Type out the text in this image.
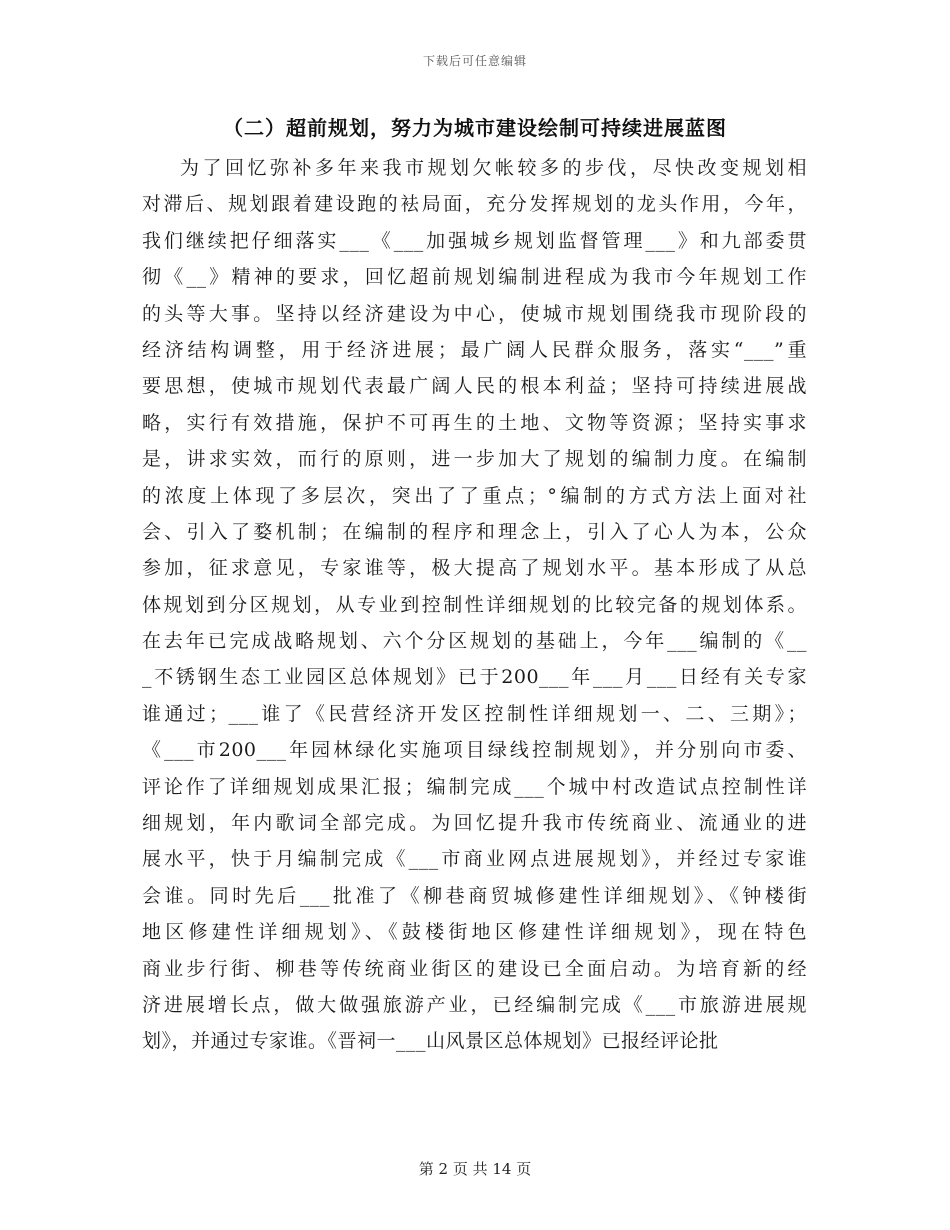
下载后可任意编辑
（二）超前规划，努力为城市建设绘制可持续进展蓝图
为了回忆弥补多年来我市规划欠帐较多的步伐，尽快改变规划相
对滞后、规划跟着建设跑的袪局面，充分发挥规划的龙头作用，今年，
我们继续把仔细落实___《___加强城乡规划监督管理___》和九部委贯
彻《__》精神的要求，回忆超前规划编制进程成为我市今年规划工作
的头等大事。坚持以经济建设为中心，使城市规划围绕我市现阶段的
经济结构调整，用于经济进展；最广阔人民群众服务，落实“___”重
要思想，使城市规划代表最广阔人民的根本利益；坚持可持续进展战
略，实行有效措施，保护不可再生的土地、文物等资源；坚持实事求
是，讲求实效，而行的原则，进一步加大了规划的编制力度。在编制
的浓度上体现了多层次，突出了了重点；°编制的方式方法上面对社
会、引入了婺机制；在编制的程序和理念上，引入了心人为本，公众
参加，征求意见，专家谁等，极大提高了规划水平。基本形成了从总
体规划到分区规划，从专业到控制性详细规划的比较完备的规划体系。
在去年已完成战略规划、六个分区规划的基础上，今年___编制的《__
_不锈钢生态工业园区总体规划》已于200___年___月___日经有关专家
谁通过；___谁了《民营经济开发区控制性详细规划一、二、三期》；
《___市200___年园林绿化实施项目绿线控制规划》，并分别向市委、
评论作了详细规划成果汇报；编制完成___个城中村改造试点控制性详
细规划，年内歌词全部完成。为回忆提升我市传统商业、流通业的进
展水平，快于月编制完成《___市商业网点进展规划》，并经过专家谁
会谁。同时先后___批准了《柳巷商贸城修建性详细规划》、《钟楼街
地区修建性详细规划》、《鼓楼街地区修建性详细规划》，现在特色
商业步行街、柳巷等传统商业街区的建设已全面启动。为培育新的经
济进展增长点，做大做强旅游产业，已经编制完成《___市旅游进展规
划》，并通过专家谁。《晋祠一___山风景区总体规划》已报经评论批
第 2 页 共 14 页
